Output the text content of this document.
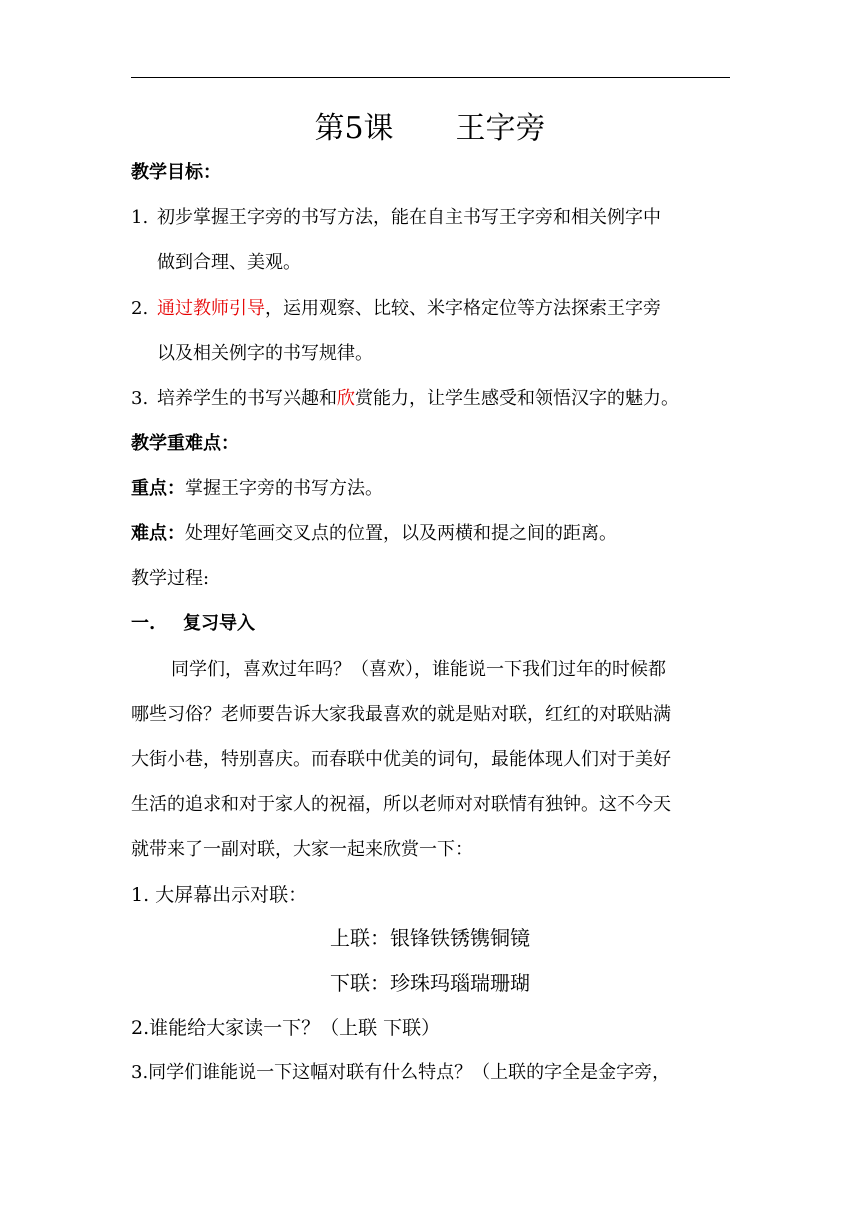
第5课 王字旁
教学目标：
1. 初步掌握王字旁的书写方法，能在自主书写王字旁和相关例字中
做到合理、美观。
2. 通过教师引导，运用观察、比较、米字格定位等方法探索王字旁
以及相关例字的书写规律。
3. 培养学生的书写兴趣和欣赏能力，让学生感受和领悟汉字的魅力。
教学重难点：
重点：掌握王字旁的书写方法。
难点：处理好笔画交叉点的位置，以及两横和提之间的距离。
教学过程:
一. 复习导入
同学们，喜欢过年吗？（喜欢），谁能说一下我们过年的时候都
哪些习俗？老师要告诉大家我最喜欢的就是贴对联，红红的对联贴满
大街小巷，特别喜庆。而春联中优美的词句，最能体现人们对于美好
生活的追求和对于家人的祝福，所以老师对对联情有独钟。这不今天
就带来了一副对联，大家一起来欣赏一下：
1. 大屏幕出示对联：
上联：银锋铁锈镌铜镜
下联：珍珠玛瑙瑞珊瑚
2.谁能给大家读一下？（上联 下联）
3.同学们谁能说一下这幅对联有什么特点？（上联的字全是金字旁，
